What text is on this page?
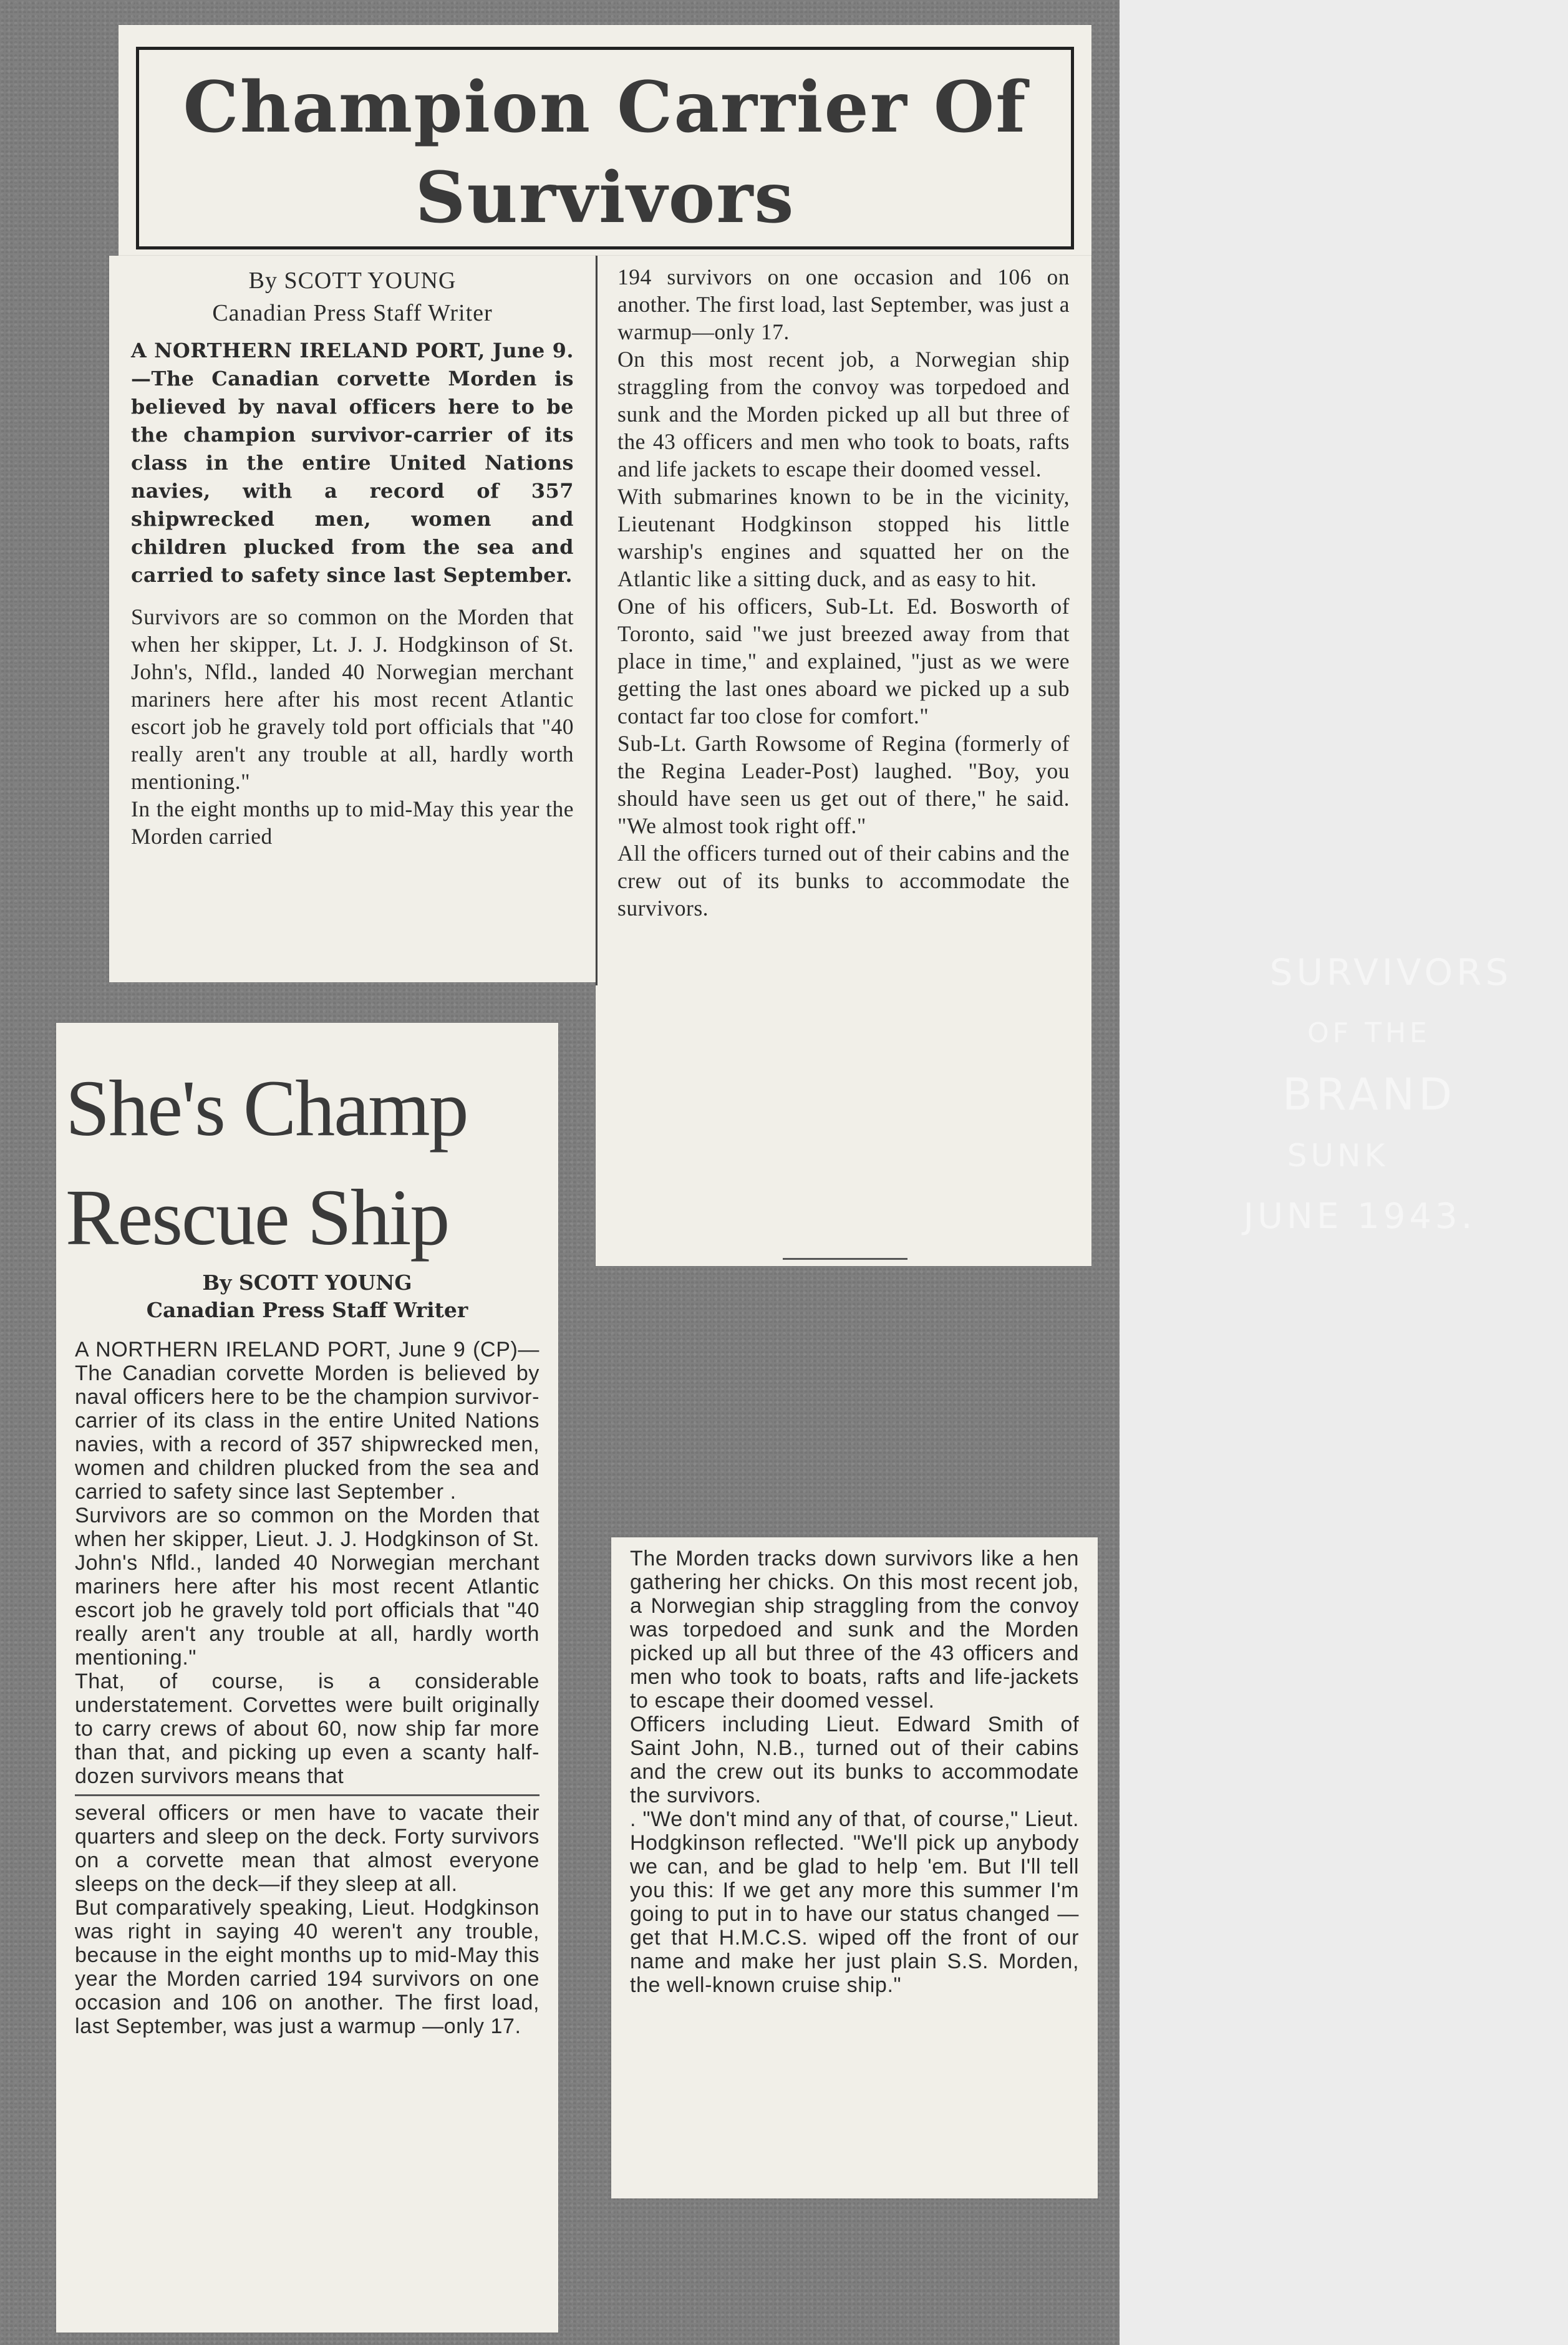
Champion Carrier Of Survivors
By SCOTT YOUNG
Canadian Press Staff Writer

A NORTHERN IRELAND PORT, June 9.—The Canadian corvette Morden is believed by naval officers here to be the champion survivor-carrier of its class in the entire United Nations navies, with a record of 357 shipwrecked men, women and children plucked from the sea and carried to safety since last September.

Survivors are so common on the Morden that when her skipper, Lt. J. J. Hodgkinson of St. John's, Nfld., landed 40 Norwegian merchant mariners here after his most recent Atlantic escort job he gravely told port officials that "40 really aren't any trouble at all, hardly worth mentioning."

In the eight months up to mid-May this year the Morden carried

194 survivors on one occasion and 106 on another. The first load, last September, was just a warmup—only 17.

On this most recent job, a Norwegian ship straggling from the convoy was torpedoed and sunk and the Morden picked up all but three of the 43 officers and men who took to boats, rafts and life jackets to escape their doomed vessel.

With submarines known to be in the vicinity, Lieutenant Hodgkinson stopped his little warship's engines and squatted her on the Atlantic like a sitting duck, and as easy to hit.

One of his officers, Sub-Lt. Ed. Bosworth of Toronto, said "we just breezed away from that place in time," and explained, "just as we were getting the last ones aboard we picked up a sub contact far too close for comfort."

Sub-Lt. Garth Rowsome of Regina (formerly of the Regina Leader-Post) laughed. "Boy, you should have seen us get out of there," he said. "We almost took right off."

All the officers turned out of their cabins and the crew out of its bunks to accommodate the survivors.

She's Champ
Rescue Ship
By SCOTT YOUNG
Canadian Press Staff Writer

A NORTHERN IRELAND PORT, June 9 (CP)—The Canadian corvette Morden is believed by naval officers here to be the champion survivor-carrier of its class in the entire United Nations navies, with a record of 357 shipwrecked men, women and children plucked from the sea and carried to safety since last September .

Survivors are so common on the Morden that when her skipper, Lieut. J. J. Hodgkinson of St. John's Nfld., landed 40 Norwegian merchant mariners here after his most recent Atlantic escort job he gravely told port officials that "40 really aren't any trouble at all, hardly worth mentioning."

That, of course, is a considerable understatement. Corvettes were built originally to carry crews of about 60, now ship far more than that, and picking up even a scanty half-dozen survivors means that

several officers or men have to vacate their quarters and sleep on the deck. Forty survivors on a corvette mean that almost everyone sleeps on the deck—if they sleep at all.

But comparatively speaking, Lieut. Hodgkinson was right in saying 40 weren't any trouble, because in the eight months up to mid-May this year the Morden carried 194 survivors on one occasion and 106 on another. The first load, last September, was just a warmup —only 17.

The Morden tracks down survivors like a hen gathering her chicks. On this most recent job, a Norwegian ship straggling from the convoy was torpedoed and sunk and the Morden picked up all but three of the 43 officers and men who took to boats, rafts and life-jackets to escape their doomed vessel.

Officers including Lieut. Edward Smith of Saint John, N.B., turned out of their cabins and the crew out its bunks to accommodate the survivors.

. "We don't mind any of that, of course," Lieut. Hodgkinson reflected. "We'll pick up anybody we can, and be glad to help 'em. But I'll tell you this: If we get any more this summer I'm going to put in to have our status changed —get that H.M.C.S. wiped off the front of our name and make her just plain S.S. Morden, the well-known cruise ship."

SURVIVORS
OF THE
BRAND
SUNK
JUNE 1943.
